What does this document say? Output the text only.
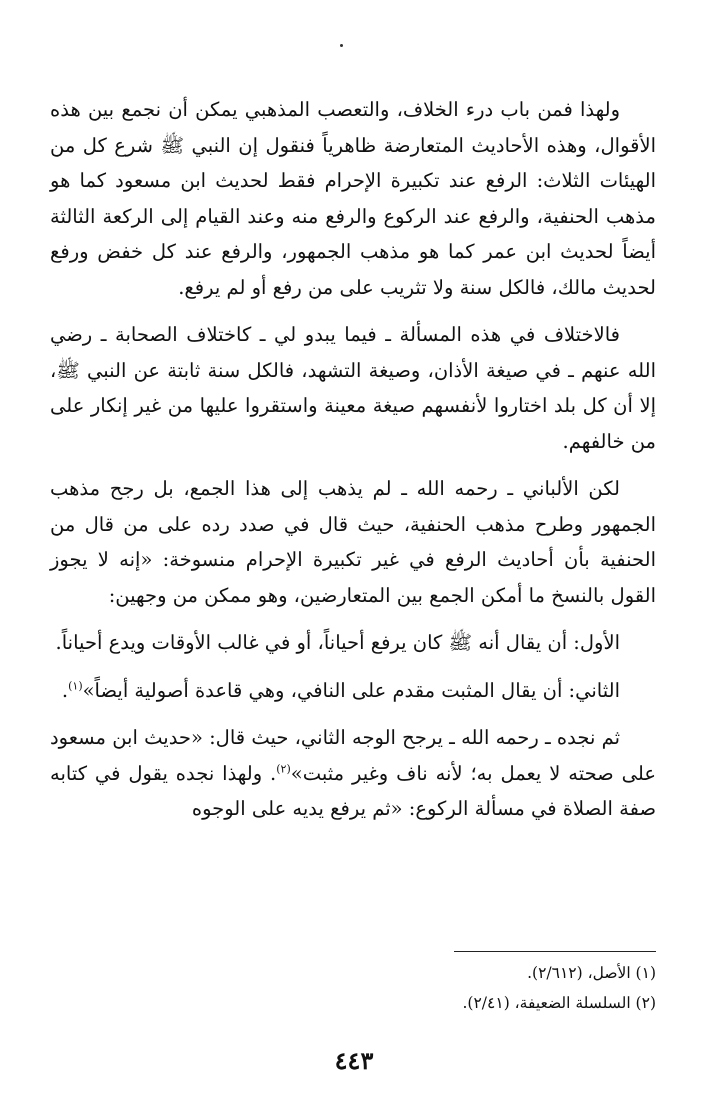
ولهذا فمن باب درء الخلاف، والتعصب المذهبي يمكن أن نجمع بين هذه الأقوال، وهذه الأحاديث المتعارضة ظاهرياً فنقول إن النبي ﷺ شرع كل من الهيئات الثلاث: الرفع عند تكبيرة الإحرام فقط لحديث ابن مسعود كما هو مذهب الحنفية، والرفع عند الركوع والرفع منه وعند القيام إلى الركعة الثالثة أيضاً لحديث ابن عمر كما هو مذهب الجمهور، والرفع عند كل خفض ورفع لحديث مالك، فالكل سنة ولا تثريب على من رفع أو لم يرفع.

فالاختلاف في هذه المسألة ـ فيما يبدو لي ـ كاختلاف الصحابة ـ رضي الله عنهم ـ في صيغة الأذان، وصيغة التشهد، فالكل سنة ثابتة عن النبي ﷺ، إلا أن كل بلد اختاروا لأنفسهم صيغة معينة واستقروا عليها من غير إنكار على من خالفهم.

لكن الألباني ـ رحمه الله ـ لم يذهب إلى هذا الجمع، بل رجح مذهب الجمهور وطرح مذهب الحنفية، حيث قال في صدد رده على من قال من الحنفية بأن أحاديث الرفع في غير تكبيرة الإحرام منسوخة: «إنه لا يجوز القول بالنسخ ما أمكن الجمع بين المتعارضين، وهو ممكن من وجهين:

الأول: أن يقال أنه ﷺ كان يرفع أحياناً، أو في غالب الأوقات ويدع أحياناً.

الثاني: أن يقال المثبت مقدم على النافي، وهي قاعدة أصولية أيضاً»$^{(١)}$.

ثم نجده ـ رحمه الله ـ يرجح الوجه الثاني، حيث قال: «حديث ابن مسعود على صحته لا يعمل به؛ لأنه ناف وغير مثبت»$^{(٢)}$. ولهذا نجده يقول في كتابه صفة الصلاة في مسألة الركوع: «ثم يرفع يديه على الوجوه

(١) الأصل، (٢/٦١٢).
(٢) السلسلة الضعيفة، (٢/٤١).
٤٤٣
